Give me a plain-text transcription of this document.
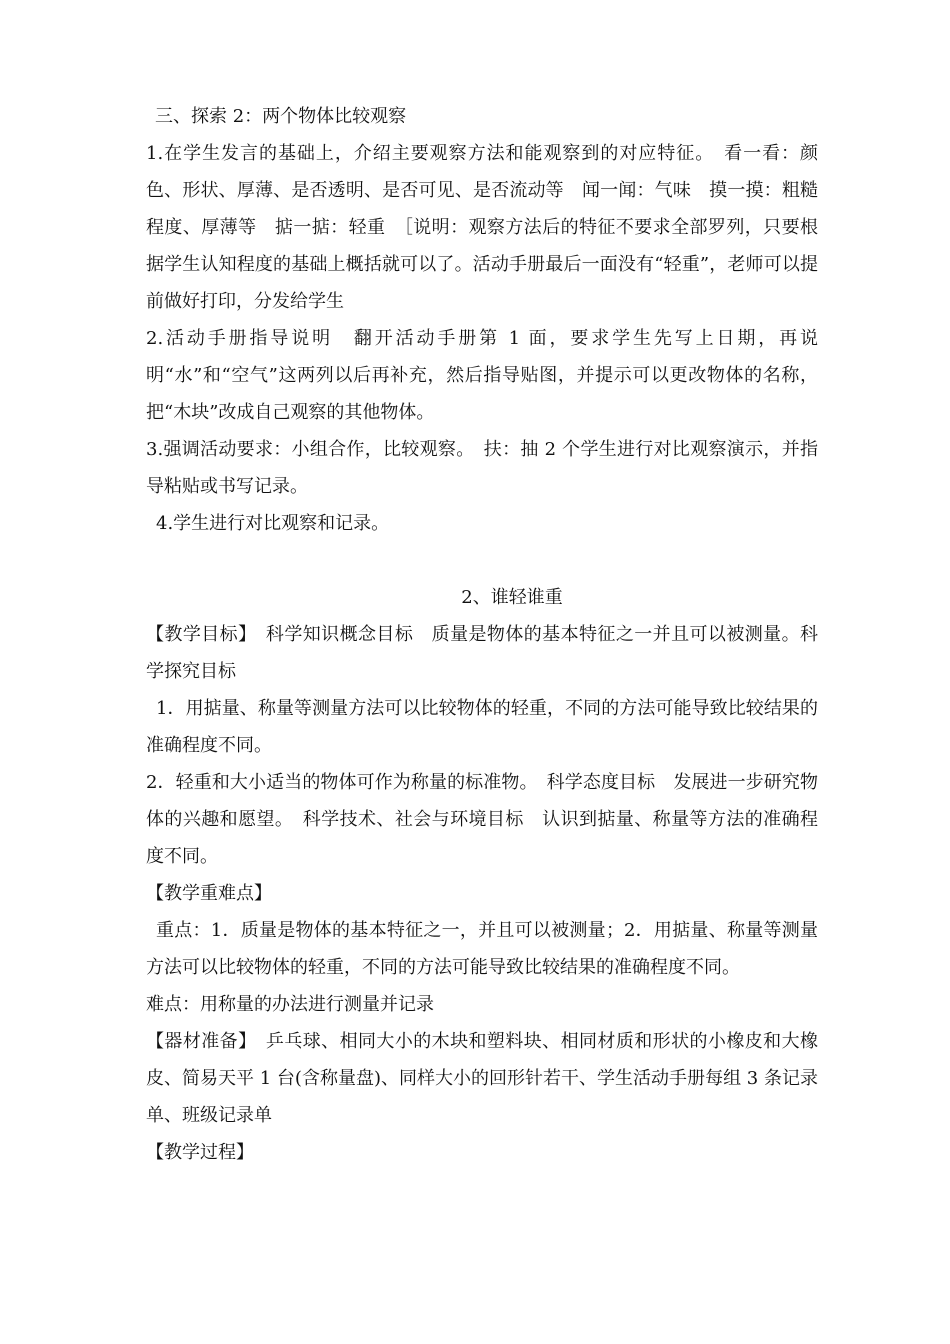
三、探索 2：两个物体比较观察

1.在学生发言的基础上，介绍主要观察方法和能观察到的对应特征。　看一看：颜色、形状、厚薄、是否透明、是否可见、是否流动等　闻一闻：气味　摸一摸：粗糙程度、厚薄等　掂一掂：轻重　［说明：观察方法后的特征不要求全部罗列，只要根据学生认知程度的基础上概括就可以了。活动手册最后一面没有“轻重”，老师可以提前做好打印，分发给学生

2.活动手册指导说明　翻开活动手册第 1 面，要求学生先写上日期，再说明“水”和“空气”这两列以后再补充，然后指导贴图，并提示可以更改物体的名称，把“木块”改成自己观察的其他物体。

3.强调活动要求：小组合作，比较观察。　扶：抽 2 个学生进行对比观察演示，并指导粘贴或书写记录。

4.学生进行对比观察和记录。

2、谁轻谁重

【教学目标】　科学知识概念目标　质量是物体的基本特征之一并且可以被测量。科学探究目标

1．用掂量、称量等测量方法可以比较物体的轻重，不同的方法可能导致比较结果的准确程度不同。

2．轻重和大小适当的物体可作为称量的标准物。　科学态度目标　发展进一步研究物体的兴趣和愿望。　科学技术、社会与环境目标　认识到掂量、称量等方法的准确程度不同。

【教学重难点】

重点：1．质量是物体的基本特征之一，并且可以被测量；2．用掂量、称量等测量方法可以比较物体的轻重，不同的方法可能导致比较结果的准确程度不同。

难点：用称量的办法进行测量并记录

【器材准备】　乒乓球、相同大小的木块和塑料块、相同材质和形状的小橡皮和大橡皮、简易天平 1 台(含称量盘)、同样大小的回形针若干、学生活动手册每组 3 条记录单、班级记录单

【教学过程】
